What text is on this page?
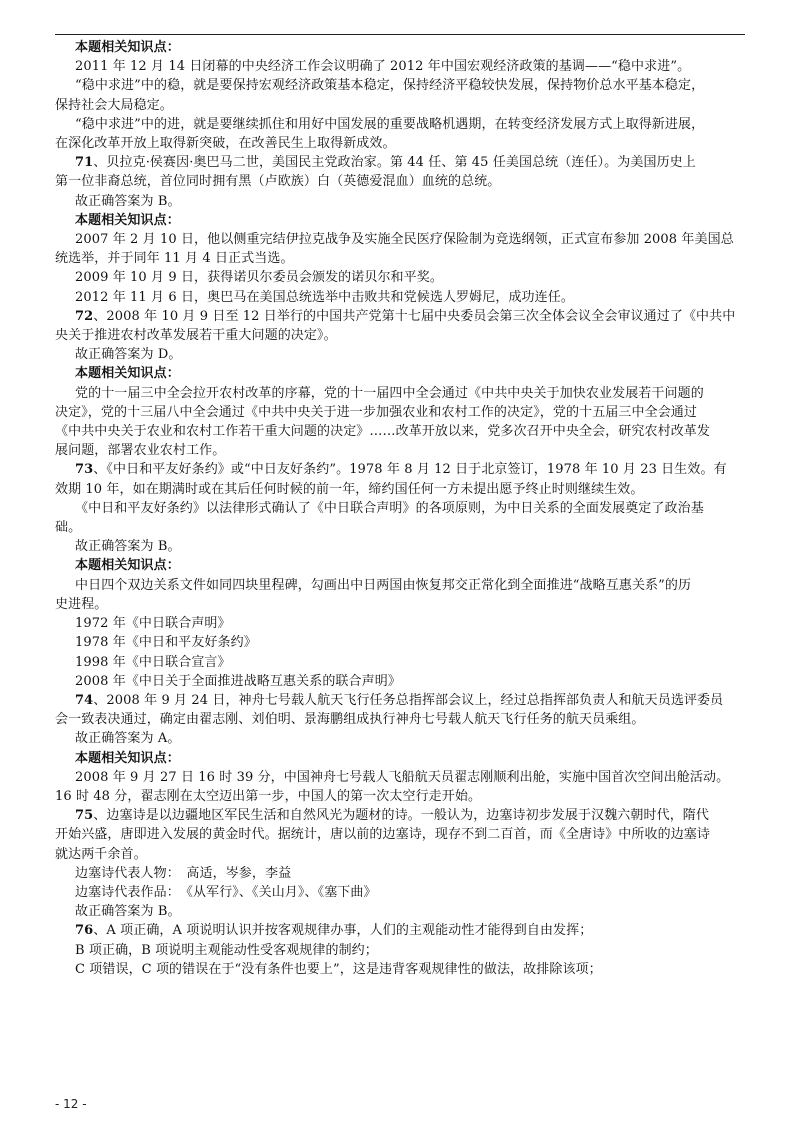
本题相关知识点：
2011 年 12 月 14 日闭幕的中央经济工作会议明确了 2012 年中国宏观经济政策的基调——“稳中求进”。
“稳中求进”中的稳，就是要保持宏观经济政策基本稳定，保持经济平稳较快发展，保持物价总水平基本稳定，
保持社会大局稳定。
“稳中求进”中的进，就是要继续抓住和用好中国发展的重要战略机遇期，在转变经济发展方式上取得新进展，
在深化改革开放上取得新突破，在改善民生上取得新成效。
71、贝拉克·侯赛因·奥巴马二世，美国民主党政治家。第 44 任、第 45 任美国总统（连任）。为美国历史上
第一位非裔总统，首位同时拥有黑（卢欧族）白（英德爱混血）血统的总统。
故正确答案为 B。
本题相关知识点：
2007 年 2 月 10 日，他以侧重完结伊拉克战争及实施全民医疗保险制为竞选纲领，正式宣布参加 2008 年美国总
统选举，并于同年 11 月 4 日正式当选。
2009 年 10 月 9 日，获得诺贝尔委员会颁发的诺贝尔和平奖。
2012 年 11 月 6 日，奥巴马在美国总统选举中击败共和党候选人罗姆尼，成功连任。
72、2008 年 10 月 9 日至 12 日举行的中国共产党第十七届中央委员会第三次全体会议全会审议通过了《中共中
央关于推进农村改革发展若干重大问题的决定》。
故正确答案为 D。
本题相关知识点：
党的十一届三中全会拉开农村改革的序幕，党的十一届四中全会通过《中共中央关于加快农业发展若干问题的
决定》，党的十三届八中全会通过《中共中央关于进一步加强农业和农村工作的决定》，党的十五届三中全会通过
《中共中央关于农业和农村工作若干重大问题的决定》……改革开放以来，党多次召开中央全会，研究农村改革发
展问题，部署农业农村工作。
73、《中日和平友好条约》或“中日友好条约”。1978 年 8 月 12 日于北京签订，1978 年 10 月 23 日生效。有
效期 10 年，如在期满时或在其后任何时候的前一年，缔约国任何一方未提出愿予终止时则继续生效。
《中日和平友好条约》以法律形式确认了《中日联合声明》的各项原则，为中日关系的全面发展奠定了政治基
础。
故正确答案为 B。
本题相关知识点：
中日四个双边关系文件如同四块里程碑，勾画出中日两国由恢复邦交正常化到全面推进“战略互惠关系”的历
史进程。
1972 年《中日联合声明》
1978 年《中日和平友好条约》
1998 年《中日联合宣言》
2008 年《中日关于全面推进战略互惠关系的联合声明》
74、2008 年 9 月 24 日，神舟七号载人航天飞行任务总指挥部会议上，经过总指挥部负责人和航天员选评委员
会一致表决通过，确定由翟志刚、刘伯明、景海鹏组成执行神舟七号载人航天飞行任务的航天员乘组。
故正确答案为 A。
本题相关知识点：
2008 年 9 月 27 日 16 时 39 分，中国神舟七号载人飞船航天员翟志刚顺利出舱，实施中国首次空间出舱活动。
16 时 48 分，翟志刚在太空迈出第一步，中国人的第一次太空行走开始。
75、边塞诗是以边疆地区军民生活和自然风光为题材的诗。一般认为，边塞诗初步发展于汉魏六朝时代，隋代
开始兴盛，唐即进入发展的黄金时代。据统计，唐以前的边塞诗，现存不到二百首，而《全唐诗》中所收的边塞诗
就达两千余首。
边塞诗代表人物：　高适，岑参，李益
边塞诗代表作品：　《从军行》、《关山月》、《塞下曲》
故正确答案为 B。
76、A 项正确，A 项说明认识并按客观规律办事，人们的主观能动性才能得到自由发挥；
B 项正确，B 项说明主观能动性受客观规律的制约；
C 项错误，C 项的错误在于“没有条件也要上”，这是违背客观规律性的做法，故排除该项；
- 12 -
